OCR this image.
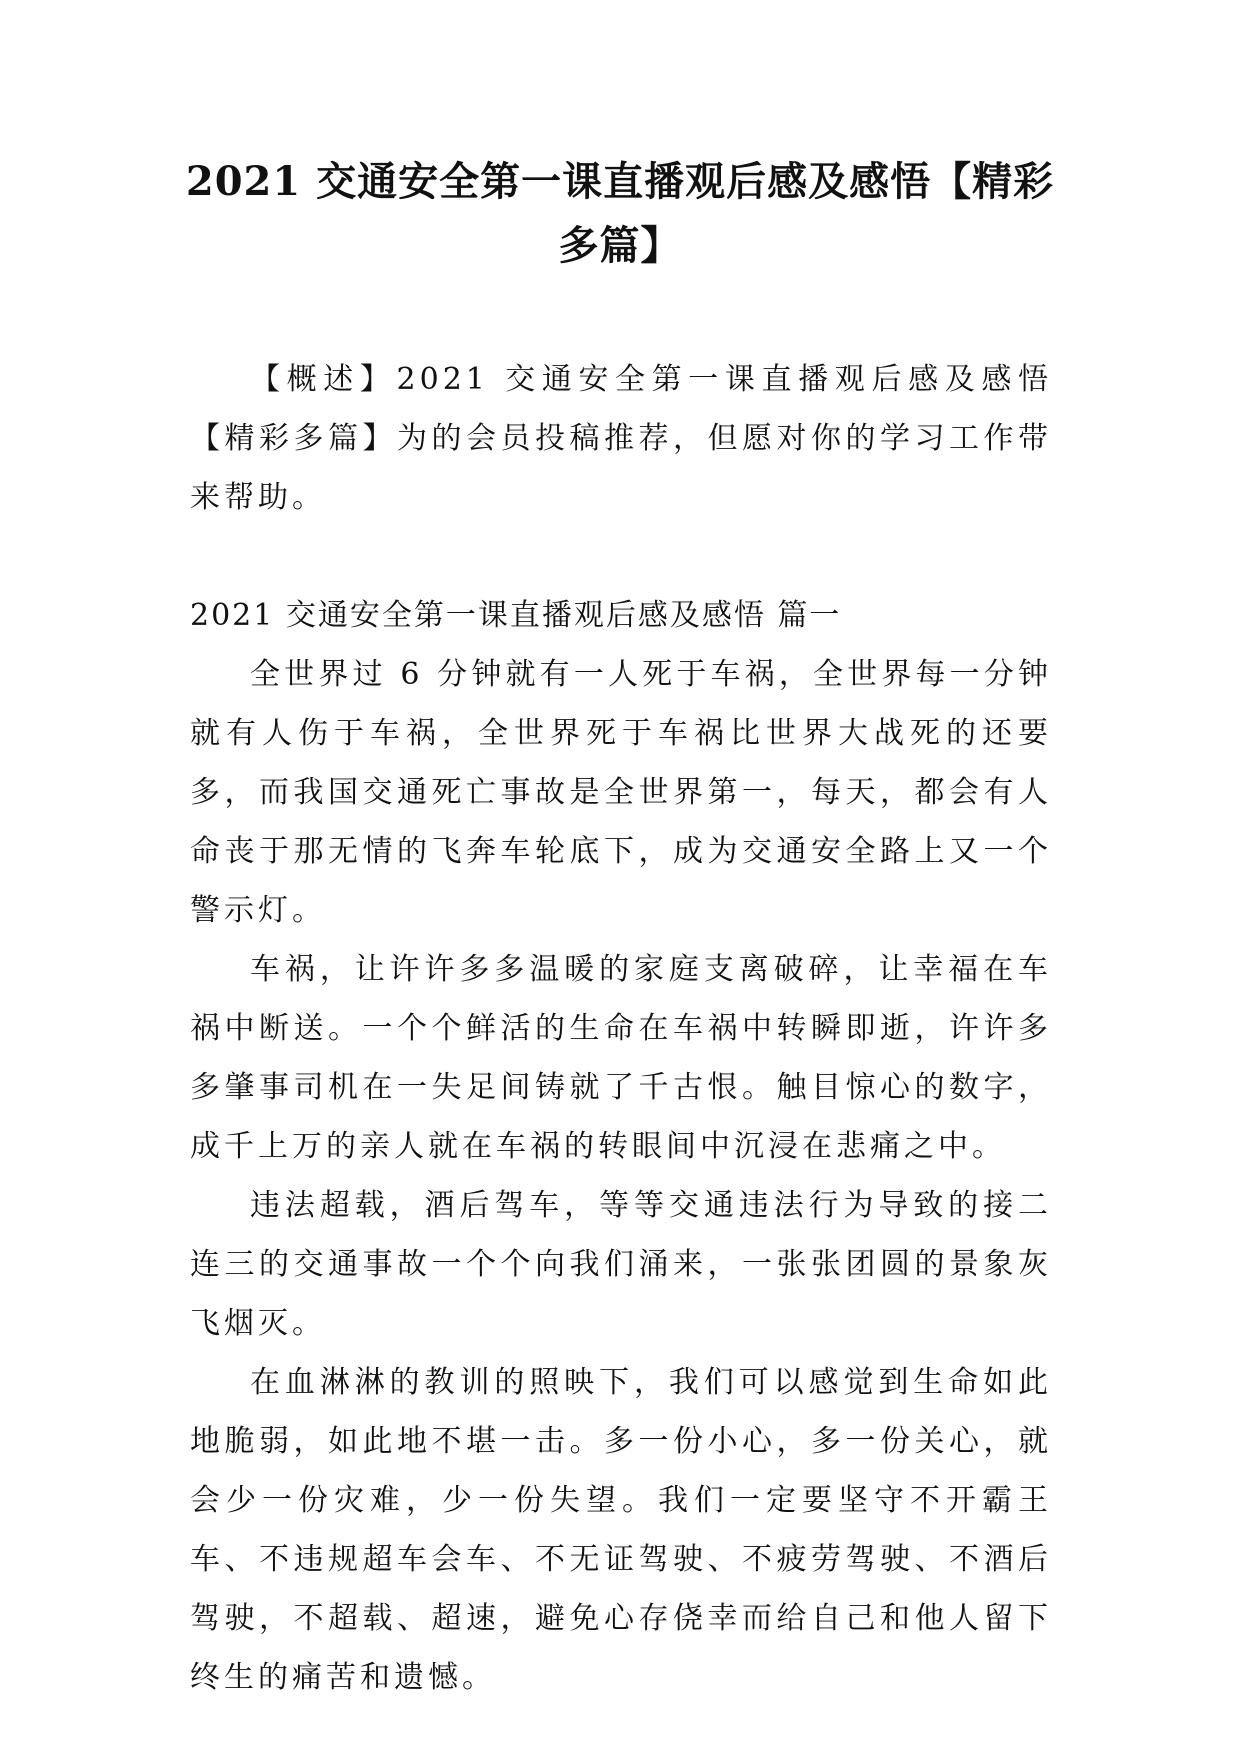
2021 交通安全第一课直播观后感及感悟【精彩多篇】

【概述】2021 交通安全第一课直播观后感及感悟【精彩多篇】为的会员投稿推荐，但愿对你的学习工作带来帮助。

2021 交通安全第一课直播观后感及感悟 篇一

全世界过 6 分钟就有一人死于车祸，全世界每一分钟就有人伤于车祸，全世界死于车祸比世界大战死的还要多，而我国交通死亡事故是全世界第一，每天，都会有人命丧于那无情的飞奔车轮底下，成为交通安全路上又一个警示灯。

车祸，让许许多多温暖的家庭支离破碎，让幸福在车祸中断送。一个个鲜活的生命在车祸中转瞬即逝，许许多多肇事司机在一失足间铸就了千古恨。触目惊心的数字，成千上万的亲人就在车祸的转眼间中沉浸在悲痛之中。

违法超载，酒后驾车，等等交通违法行为导致的接二连三的交通事故一个个向我们涌来，一张张团圆的景象灰飞烟灭。

在血淋淋的教训的照映下，我们可以感觉到生命如此地脆弱，如此地不堪一击。多一份小心，多一份关心，就会少一份灾难，少一份失望。我们一定要坚守不开霸王车、不违规超车会车、不无证驾驶、不疲劳驾驶、不酒后驾驶，不超载、超速，避免心存侥幸而给自己和他人留下终生的痛苦和遗憾。
